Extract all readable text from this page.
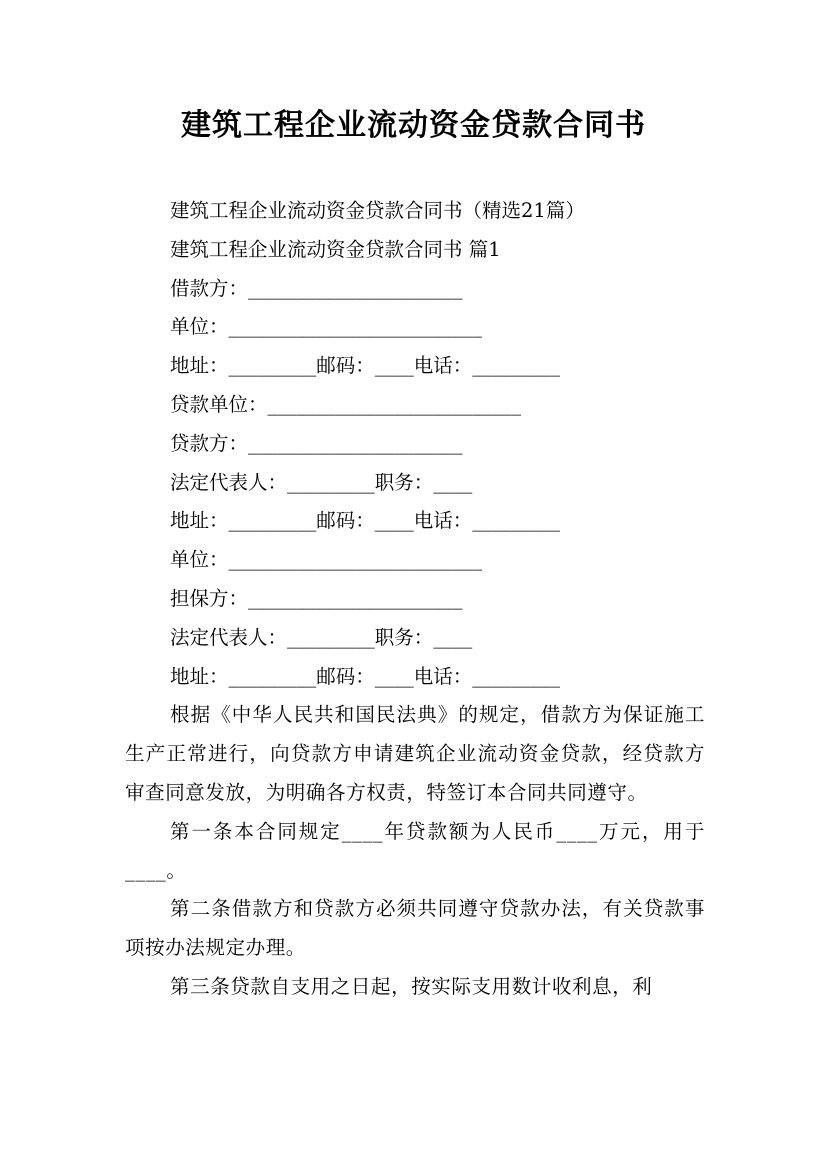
建筑工程企业流动资金贷款合同书

建筑工程企业流动资金贷款合同书（精选21篇）

建筑工程企业流动资金贷款合同书 篇1

借款方：______________________

单位：__________________________

地址：_________邮码：____电话：_________

贷款单位：__________________________

贷款方：______________________

法定代表人：_________职务：____

地址：_________邮码：____电话：_________

单位：__________________________

担保方：______________________

法定代表人：_________职务：____

地址：_________邮码：____电话：_________

根据《中华人民共和国民法典》的规定，借款方为保证施工生产正常进行，向贷款方申请建筑企业流动资金贷款，经贷款方审查同意发放，为明确各方权责，特签订本合同共同遵守。

第一条本合同规定____年贷款额为人民币____万元，用于____。

第二条借款方和贷款方必须共同遵守贷款办法，有关贷款事项按办法规定办理。

第三条贷款自支用之日起，按实际支用数计收利息，利
